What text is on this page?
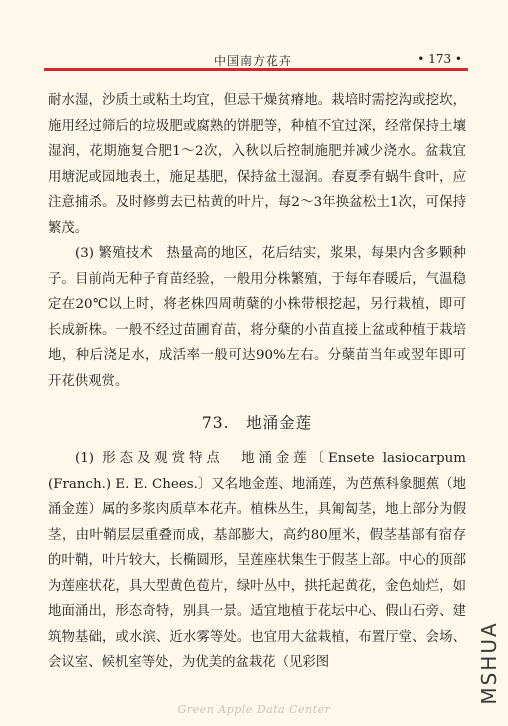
中国南方花卉	• 173 •

耐水湿，沙质土或粘土均宜，但忌干燥贫瘠地。栽培时需挖沟或挖坎，施用经过筛后的垃圾肥或腐熟的饼肥等，种植不宜过深，经常保持土壤湿润，花期施复合肥1～2次，入秋以后控制施肥并减少浇水。盆栽宜用塘泥或园地表土，施足基肥，保持盆土湿润。春夏季有蜗牛食叶，应注意捕杀。及时修剪去已枯黄的叶片，每2～3年换盆松土1次，可保持繁茂。

(3) 繁殖技术　热量高的地区，花后结实，浆果，每果内含多颗种子。目前尚无种子育苗经验，一般用分株繁殖，于每年春暖后，气温稳定在20℃以上时，将老株四周萌蘖的小株带根挖起，另行栽植，即可长成新株。一般不经过苗圃育苗，将分蘖的小苗直接上盆或种植于栽培地，种后浇足水，成活率一般可达90%左右。分蘖苗当年或翌年即可开花供观赏。

73.　地涌金莲

(1) 形态及观赏特点　地涌金莲〔Ensete lasiocarpum (Franch.) E. E. Chees.〕又名地金莲、地涌莲，为芭蕉科象腿蕉（地涌金莲）属的多浆肉质草本花卉。植株丛生，具匍匐茎，地上部分为假茎，由叶鞘层层重叠而成，基部膨大，高约80厘米，假茎基部有宿存的叶鞘，叶片较大，长椭圆形，呈莲座状集生于假茎上部。中心的顶部为莲座状花，具大型黄色苞片，绿叶丛中，拱托起黄花，金色灿烂，如地面涌出，形态奇特，别具一景。适宜地植于花坛中心、假山石旁、建筑物基础，或水滨、近水雾等处。也宜用大盆栽植，布置厅堂、会场、会议室、候机室等处，为优美的盆栽花（见彩图

Green Apple Data Center
MSHUA
